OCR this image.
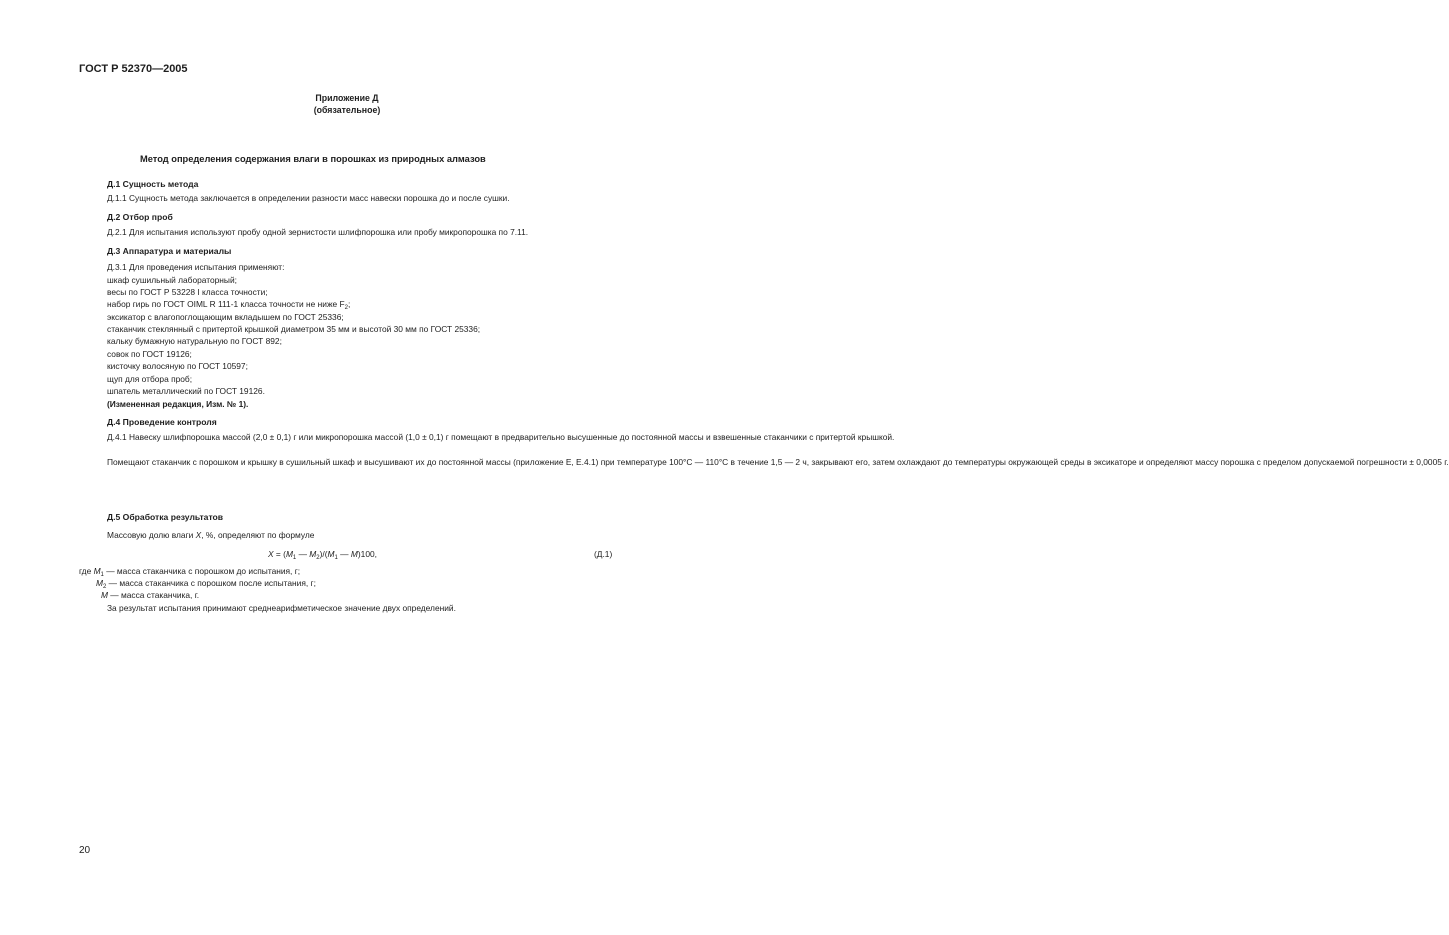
ГОСТ Р 52370—2005
Приложение Д
(обязательное)
Метод определения содержания влаги в порошках из природных алмазов
Д.1 Сущность метода
Д.1.1 Сущность метода заключается в определении разности масс навески порошка до и после сушки.
Д.2 Отбор проб
Д.2.1 Для испытания используют пробу одной зернистости шлифпорошка или пробу микропорошка по 7.11.
Д.3 Аппаратура и материалы
Д.3.1 Для проведения испытания применяют:
шкаф сушильный лабораторный;
весы по ГОСТ Р 53228 I класса точности;
набор гирь по ГОСТ OIML R 111-1 класса точности не ниже $F_2$;
эксикатор с влагопоглощающим вкладышем по ГОСТ 25336;
стаканчик стеклянный с притертой крышкой диаметром 35 мм и высотой 30 мм по ГОСТ 25336;
кальку бумажную натуральную по ГОСТ 892;
совок по ГОСТ 19126;
кисточку волосяную по ГОСТ 10597;
щуп для отбора проб;
шпатель металлический по ГОСТ 19126.
(Измененная редакция, Изм. № 1).
Д.4 Проведение контроля
Д.4.1 Навеску шлифпорошка массой (2,0 ± 0,1) г или микропорошка массой (1,0 ± 0,1) г помещают в предварительно высушенные до постоянной массы и взвешенные стаканчики с притертой крышкой.
Помещают стаканчик с порошком и крышку в сушильный шкаф и высушивают их до постоянной массы (приложение Е, Е.4.1) при температуре 100°С — 110°С в течение 1,5 — 2 ч, закрывают его, затем охлаждают до температуры окружающей среды в эксикаторе и определяют массу порошка с пределом допускаемой погрешности ± 0,0005 г.
Д.5 Обработка результатов
Массовую долю влаги X, %, определяют по формуле
$X = (M_1$ — $M_2)/(M_1$ — M)100,	(Д.1)
где $M_1$ — масса стаканчика с порошком до испытания, г;
$M_2$ — масса стаканчика с порошком после испытания, г;
M — масса стаканчика, г.
За результат испытания принимают среднеарифметическое значение двух определений.
20
